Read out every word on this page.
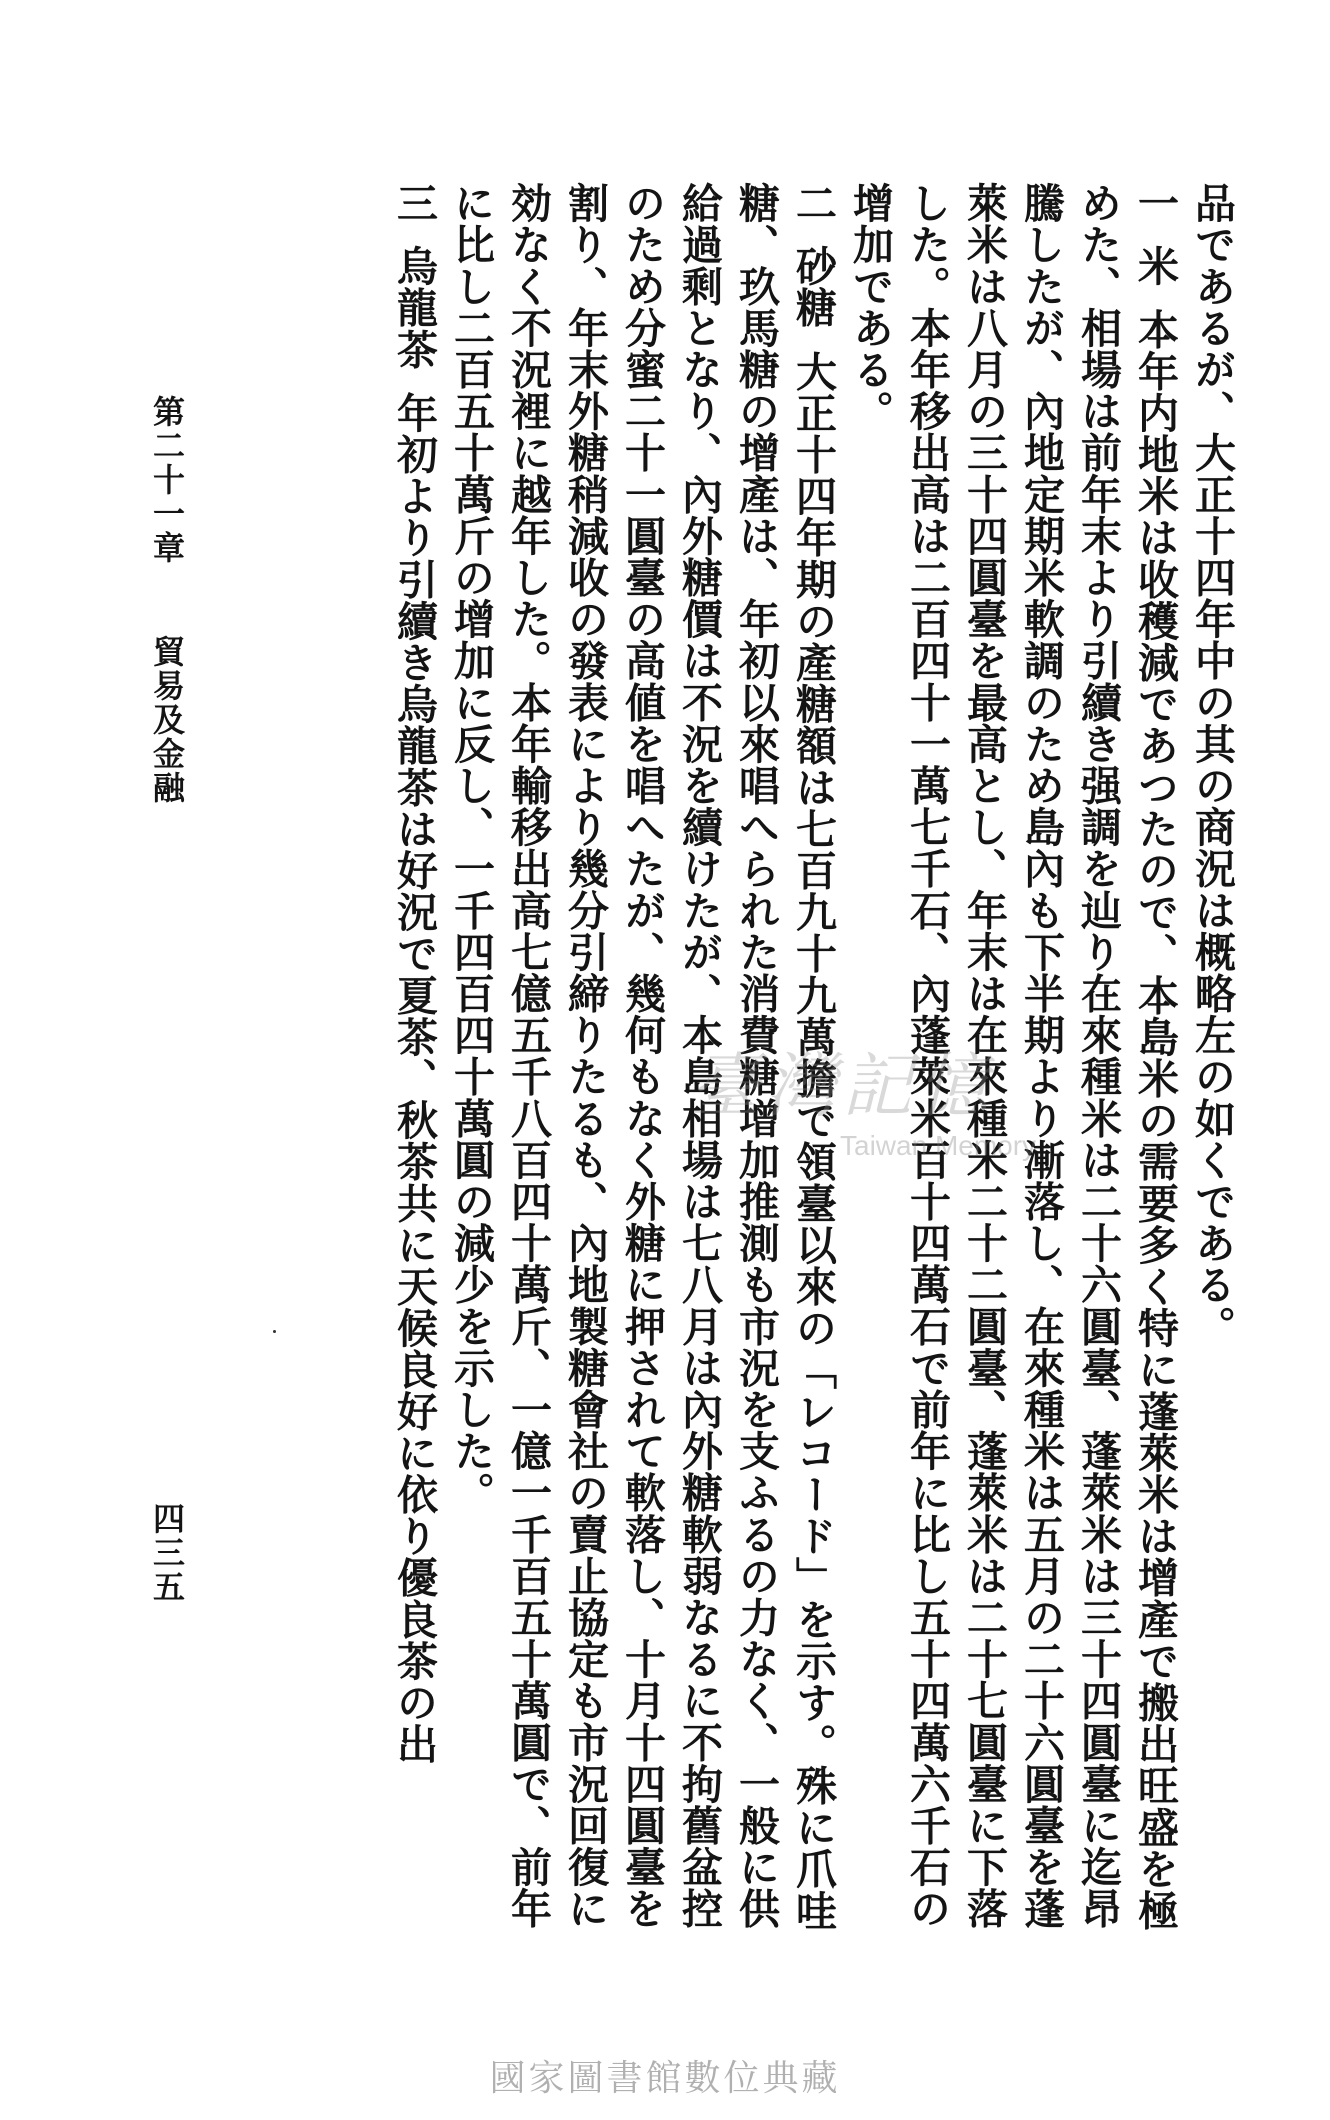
品であるが、大正十四年中の其の商況は概略左の如くである。

一米本年内地米は收穫減であつたので、本島米の需要多く特に蓬萊米は增產で搬出旺盛を極めた、相場は前年末より引續き强調を辿り在來種米は二十六圓臺、蓬萊米は三十四圓臺に迄昂騰したが、內地定期米軟調のため島內も下半期より漸落し、在來種米は五月の二十六圓臺を蓬萊米は八月の三十四圓臺を最高とし、年末は在來種米二十二圓臺、蓬萊米は二十七圓臺に下落した。本年移出高は二百四十一萬七千石、內蓬萊米百十四萬石で前年に比し五十四萬六千石の增加である。

二砂糖大正十四年期の產糖額は七百九十九萬擔で領臺以來の「レコード」を示す。殊に爪哇糖、玖馬糖の增產は、年初以來唱へられた消費糖增加推測も市況を支ふるの力なく、一般に供給過剩となり、內外糖價は不況を續けたが、本島相場は七八月は內外糖軟弱なるに不拘舊盆控のため分蜜二十一圓臺の高値を唱へたが、幾何もなく外糖に押されて軟落し、十月十四圓臺を割り、年末外糖稍減收の發表により幾分引締りたるも、內地製糖會社の賣止協定も市況回復に効なく不況裡に越年した。本年輸移出高七億五千八百四十萬斤、一億一千百五十萬圓で、前年に比し二百五十萬斤の增加に反し、一千四百四十萬圓の減少を示した。

三烏龍茶年初より引續き烏龍茶は好況で夏茶、秋茶共に天候良好に依り優良茶の出

第二十一章貿易及金融
四三五
臺灣記憶
Taiwan Memory
國家圖書館數位典藏
